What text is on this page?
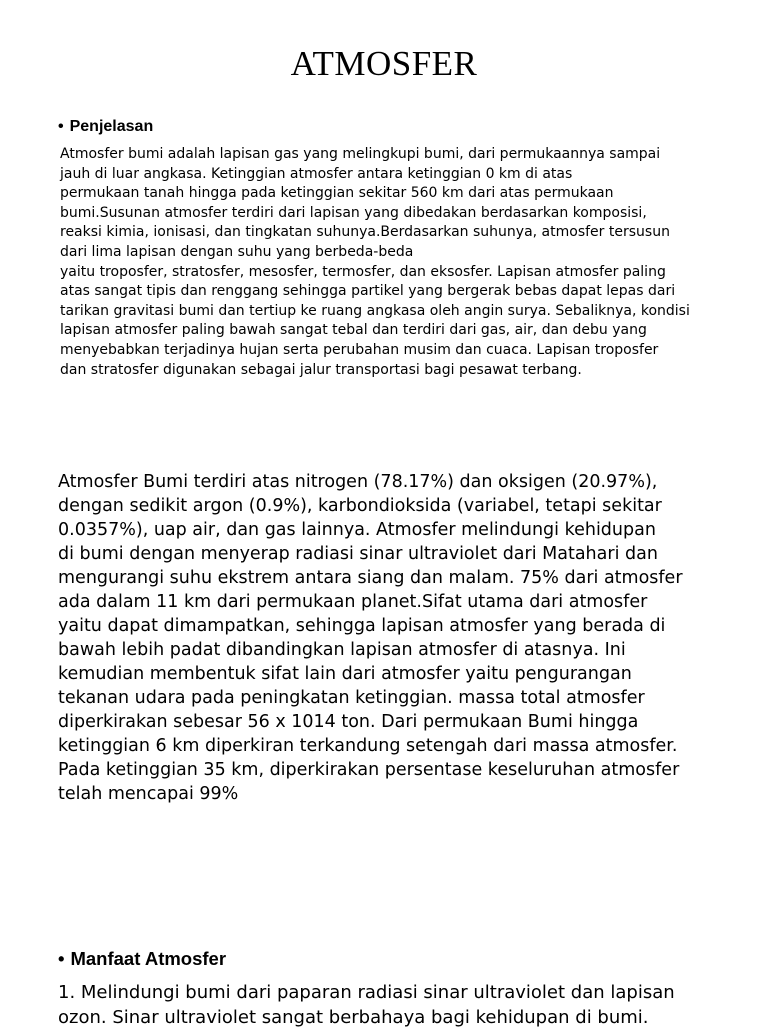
ATMOSFER
• Penjelasan

Atmosfer bumi adalah lapisan gas yang melingkupi bumi, dari permukaannya sampai
jauh di luar angkasa. Ketinggian atmosfer antara ketinggian 0 km di atas
permukaan tanah hingga pada ketinggian sekitar 560 km dari atas permukaan
bumi.Susunan atmosfer terdiri dari lapisan yang dibedakan berdasarkan komposisi,
reaksi kimia, ionisasi, dan tingkatan suhunya.Berdasarkan suhunya, atmosfer tersusun
dari lima lapisan dengan suhu yang berbeda-beda
yaitu troposfer, stratosfer, mesosfer, termosfer, dan eksosfer. Lapisan atmosfer paling
atas sangat tipis dan renggang sehingga partikel yang bergerak bebas dapat lepas dari
tarikan gravitasi bumi dan tertiup ke ruang angkasa oleh angin surya. Sebaliknya, kondisi
lapisan atmosfer paling bawah sangat tebal dan terdiri dari gas, air, dan debu yang
menyebabkan terjadinya hujan serta perubahan musim dan cuaca. Lapisan troposfer
dan stratosfer digunakan sebagai jalur transportasi bagi pesawat terbang.

Atmosfer Bumi terdiri atas nitrogen (78.17%) dan oksigen (20.97%),
dengan sedikit argon (0.9%), karbondioksida (variabel, tetapi sekitar
0.0357%), uap air, dan gas lainnya. Atmosfer melindungi kehidupan
di bumi dengan menyerap radiasi sinar ultraviolet dari Matahari dan
mengurangi suhu ekstrem antara siang dan malam. 75% dari atmosfer
ada dalam 11 km dari permukaan planet.Sifat utama dari atmosfer
yaitu dapat dimampatkan, sehingga lapisan atmosfer yang berada di
bawah lebih padat dibandingkan lapisan atmosfer di atasnya. Ini
kemudian membentuk sifat lain dari atmosfer yaitu pengurangan
tekanan udara pada peningkatan ketinggian. massa total atmosfer
diperkirakan sebesar 56 x 1014 ton. Dari permukaan Bumi hingga
ketinggian 6 km diperkiran terkandung setengah dari massa atmosfer.
Pada ketinggian 35 km, diperkirakan persentase keseluruhan atmosfer
telah mencapai 99%

• Manfaat Atmosfer

1. Melindungi bumi dari paparan radiasi sinar ultraviolet dan lapisan
ozon. Sinar ultraviolet sangat berbahaya bagi kehidupan di bumi.
